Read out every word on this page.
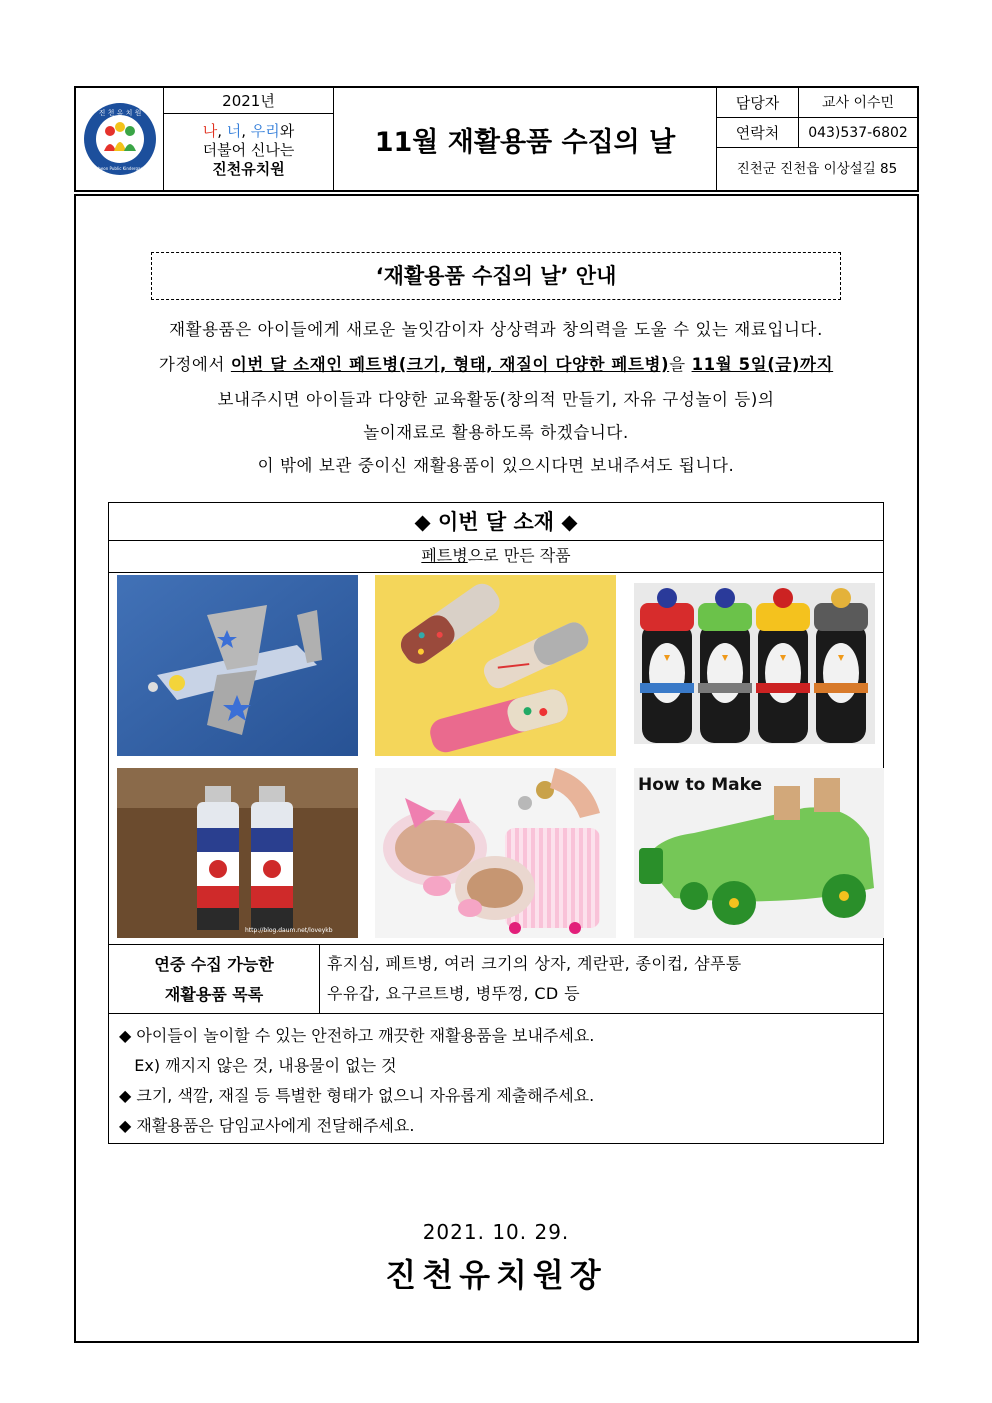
진 천 유 치 원
Jincheon Public Kindergarten
2021년
나, 너, 우리와
더불어 신나는
진천유치원
11월 재활용품 수집의 날
담당자	교사 이수민
연락처	043)537-6802
진천군 진천읍 이상설길 85
‘재활용품 수집의 날’ 안내
재활용품은 아이들에게 새로운 놀잇감이자 상상력과 창의력을 도울 수 있는 재료입니다.
가정에서 이번 달 소재인 페트병(크기, 형태, 재질이 다양한 페트병)을 11월 5일(금)까지
보내주시면 아이들과 다양한 교육활동(창의적 만들기, 자유 구성놀이 등)의
놀이재료로 활용하도록 하겠습니다.
이 밖에 보관 중이신 재활용품이 있으시다면 보내주셔도 됩니다.
◆ 이번 달 소재 ◆
페트병으로 만든 작품
http://blog.daum.net/loveykb
How to Make
연중 수집 가능한
재활용품 목록
휴지심, 페트병, 여러 크기의 상자, 계란판, 종이컵, 샴푸통
우유갑, 요구르트병, 병뚜껑, CD 등
◆ 아이들이 놀이할 수 있는 안전하고 깨끗한 재활용품을 보내주세요.
Ex) 깨지지 않은 것, 내용물이 없는 것
◆ 크기, 색깔, 재질 등 특별한 형태가 없으니 자유롭게 제출해주세요.
◆ 재활용품은 담임교사에게 전달해주세요.
2021. 10. 29.
진천유치원장
